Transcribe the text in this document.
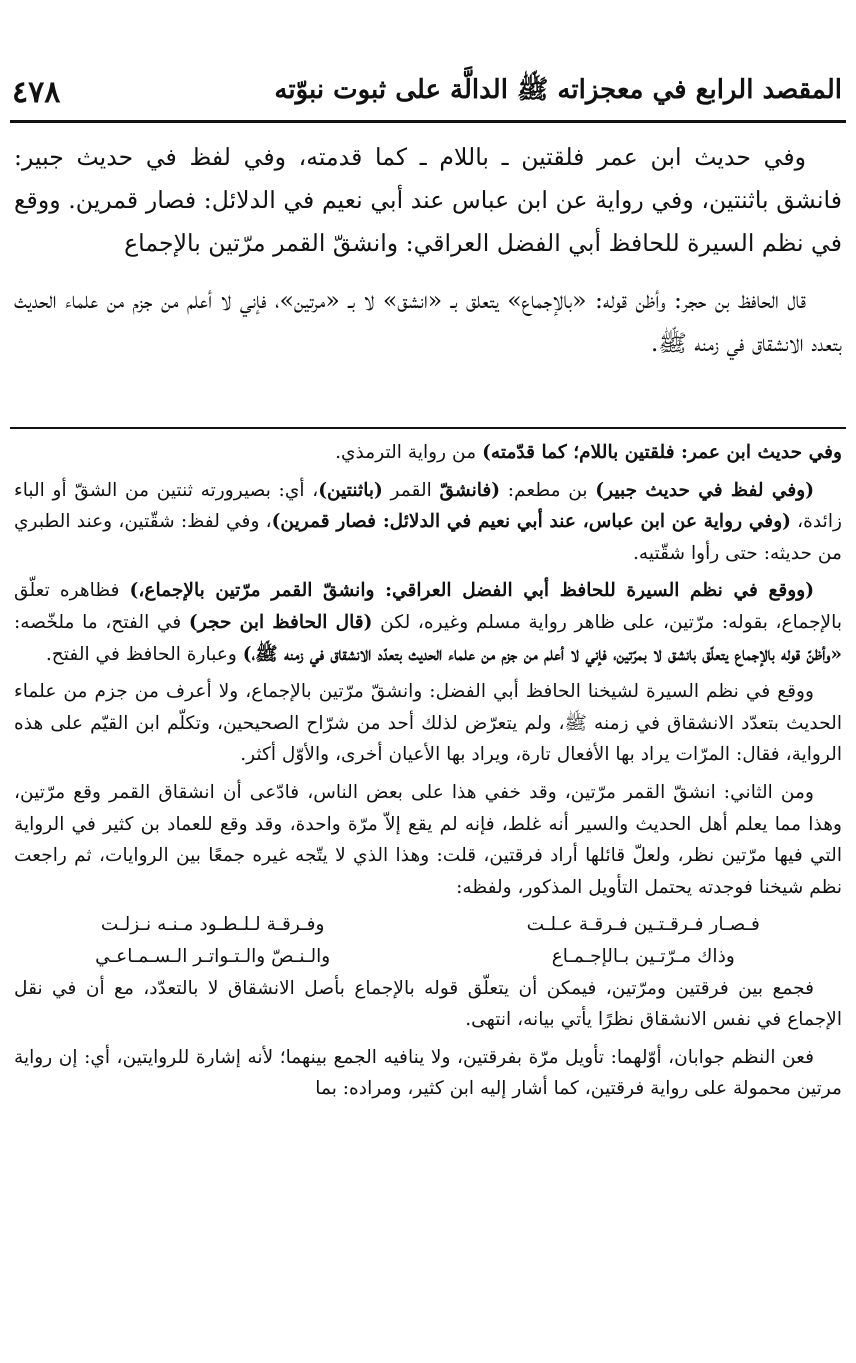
المقصد الرابع في معجزاته ﷺ الدالَّة على ثبوت نبوّته
٤٧٨

وفي حديث ابن عمر فلقتين ـ باللام ـ كما قدمته، وفي لفظ في حديث جبير: فانشق باثنتين، وفي رواية عن ابن عباس عند أبي نعيم في الدلائل: فصار قمرين. ووقع في نظم السيرة للحافظ أبي الفضل العراقي: وانشقّ القمر مرّتين بالإجماع

قال الحافظ بن حجر: وأظن قوله: «بالإجماع» يتعلق بـ «انشق» لا بـ «مرتين»، فإني لا أعلم من جزم من علماء الحديث بتعدد الانشقاق في زمنه ﷺ.

وفي حديث ابن عمر: فلقتين باللام؛ كما قدّمته) من رواية الترمذي.

(وفي لفظ في حديث جبير) بن مطعم: (فانشقّ القمر (باثنتين)، أي: بصيرورته ثنتين من الشقّ أو الباء زائدة، (وفي رواية عن ابن عباس، عند أبي نعيم في الدلائل: فصار قمرين)، وفي لفظ: شقّتين، وعند الطبري من حديثه: حتى رأوا شقّتيه.

(ووقع في نظم السيرة للحافظ أبي الفضل العراقي: وانشقّ القمر مرّتين بالإجماع،) فظاهره تعلّق بالإجماع، بقوله: مرّتين، على ظاهر رواية مسلم وغيره، لكن (قال الحافظ ابن حجر) في الفتح، ما ملخّصه: «وأظنّ قوله بالإجماع يتعلّق بانشق لا بمرّتين، فإني لا أعلم من جزم من علماء الحديث بتعدّد الانشقاق في زمنه ﷺ،) وعبارة الحافظ في الفتح.

ووقع في نظم السيرة لشيخنا الحافظ أبي الفضل: وانشقّ مرّتين بالإجماع، ولا أعرف من جزم من علماء الحديث بتعدّد الانشقاق في زمنه ﷺ، ولم يتعرّض لذلك أحد من شرّاح الصحيحين، وتكلّم ابن القيّم على هذه الرواية، فقال: المرّات يراد بها الأفعال تارة، ويراد بها الأعيان أخرى، والأوّل أكثر.

ومن الثاني: انشقّ القمر مرّتين، وقد خفي هذا على بعض الناس، فادّعى أن انشقاق القمر وقع مرّتين، وهذا مما يعلم أهل الحديث والسير أنه غلط، فإنه لم يقع إلاّ مرّة واحدة، وقد وقع للعماد بن كثير في الرواية التي فيها مرّتين نظر، ولعلّ قائلها أراد فرقتين، قلت: وهذا الذي لا يتّجه غيره جمعًا بين الروايات، ثم راجعت نظم شيخنا فوجدته يحتمل التأويل المذكور، ولفظه:

فـصـار فـرقـتـين فـرقـة عـلـت
وفـرقـة لـلـطـود مـنـه نـزلـت
وذاك مـرّتـين بـالإجـمـاع
والـنـصّ والـتـواتـر الـسـمـاعـي

فجمع بين فرقتين ومرّتين، فيمكن أن يتعلّق قوله بالإجماع بأصل الانشقاق لا بالتعدّد، مع أن في نقل الإجماع في نفس الانشقاق نظرًا يأتي بيانه، انتهى.

فعن النظم جوابان، أوّلهما: تأويل مرّة بفرقتين، ولا ينافيه الجمع بينهما؛ لأنه إشارة للروايتين، أي: إن رواية مرتين محمولة على رواية فرقتين، كما أشار إليه ابن كثير، ومراده: بما
